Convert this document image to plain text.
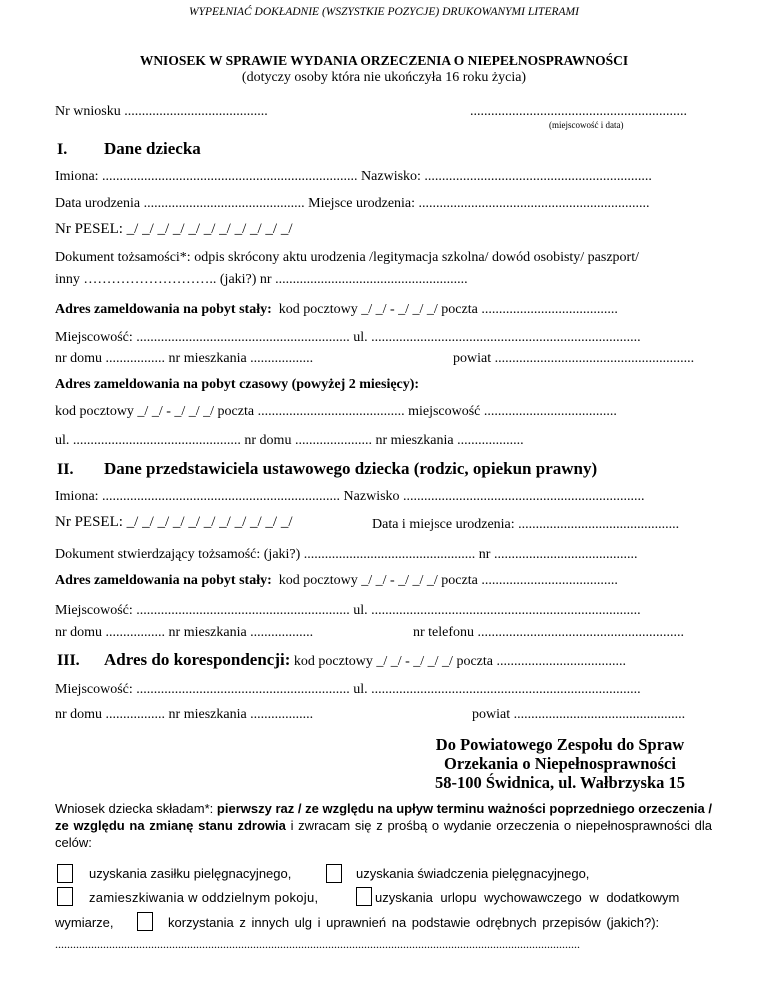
WYPEŁNIAĆ DOKŁADNIE (WSZYSTKIE POZYCJE) DRUKOWANYMI LITERAMI
WNIOSEK W SPRAWIE WYDANIA ORZECZENIA O NIEPEŁNOSPRAWNOŚCI
(dotyczy osoby która nie ukończyła 16 roku życia)
Nr wniosku .........................................	..............................................................
(miejscowość i data)
I. Dane dziecka
Imiona: ......................................................................... Nazwisko: .................................................................
Data urodzenia .............................................. Miejsce urodzenia: ..................................................................
Nr PESEL: _/ _/ _/ _/ _/ _/ _/ _/ _/ _/ _/
Dokument tożsamości*: odpis skrócony aktu urodzenia /legitymacja szkolna/ dowód osobisty/ paszport/
inny ……………………….. (jaki?) nr .......................................................
Adres zameldowania na pobyt stały: kod pocztowy _/ _/ - _/ _/ _/ poczta .......................................
Miejscowość: ............................................................. ul. .............................................................................
nr domu ................. nr mieszkania ..................	powiat .........................................................
Adres zameldowania na pobyt czasowy (powyżej 2 miesięcy):
kod pocztowy _/ _/ - _/ _/ _/ poczta .......................................... miejscowość ......................................
ul. ................................................ nr domu ...................... nr mieszkania ...................
II. Dane przedstawiciela ustawowego dziecka (rodzic, opiekun prawny)
Imiona: .................................................................... Nazwisko .....................................................................
Nr PESEL: _/ _/ _/ _/ _/ _/ _/ _/ _/ _/ _/	Data i miejsce urodzenia: ..............................................
Dokument stwierdzający tożsamość: (jaki?) ................................................. nr .........................................
Adres zameldowania na pobyt stały: kod pocztowy _/ _/ - _/ _/ _/ poczta .......................................
Miejscowość: ............................................................. ul. .............................................................................
nr domu ................. nr mieszkania ..................	nr telefonu ...........................................................
III. Adres do korespondencji: kod pocztowy _/ _/ - _/ _/ _/ poczta .....................................
Miejscowość: ............................................................. ul. .............................................................................
nr domu ................. nr mieszkania ..................	powiat .................................................
Do Powiatowego Zespołu do Spraw
Orzekania o Niepełnosprawności
58-100 Świdnica, ul. Wałbrzyska 15
Wniosek dziecka składam*: pierwszy raz / ze względu na upływ terminu ważności poprzedniego orzeczenia / ze względu na zmianę stanu zdrowia i zwracam się z prośbą o wydanie orzeczenia o niepełnosprawności dla celów:
uzyskania zasiłku pielęgnacyjnego,	uzyskania świadczenia pielęgnacyjnego,
zamieszkiwania w oddzielnym pokoju,	uzyskania urlopu wychowawczego w dodatkowym
wymiarze,	korzystania z innych ulg i uprawnień na podstawie odrębnych przepisów (jakich?):
...............................................................................................................................................................................
